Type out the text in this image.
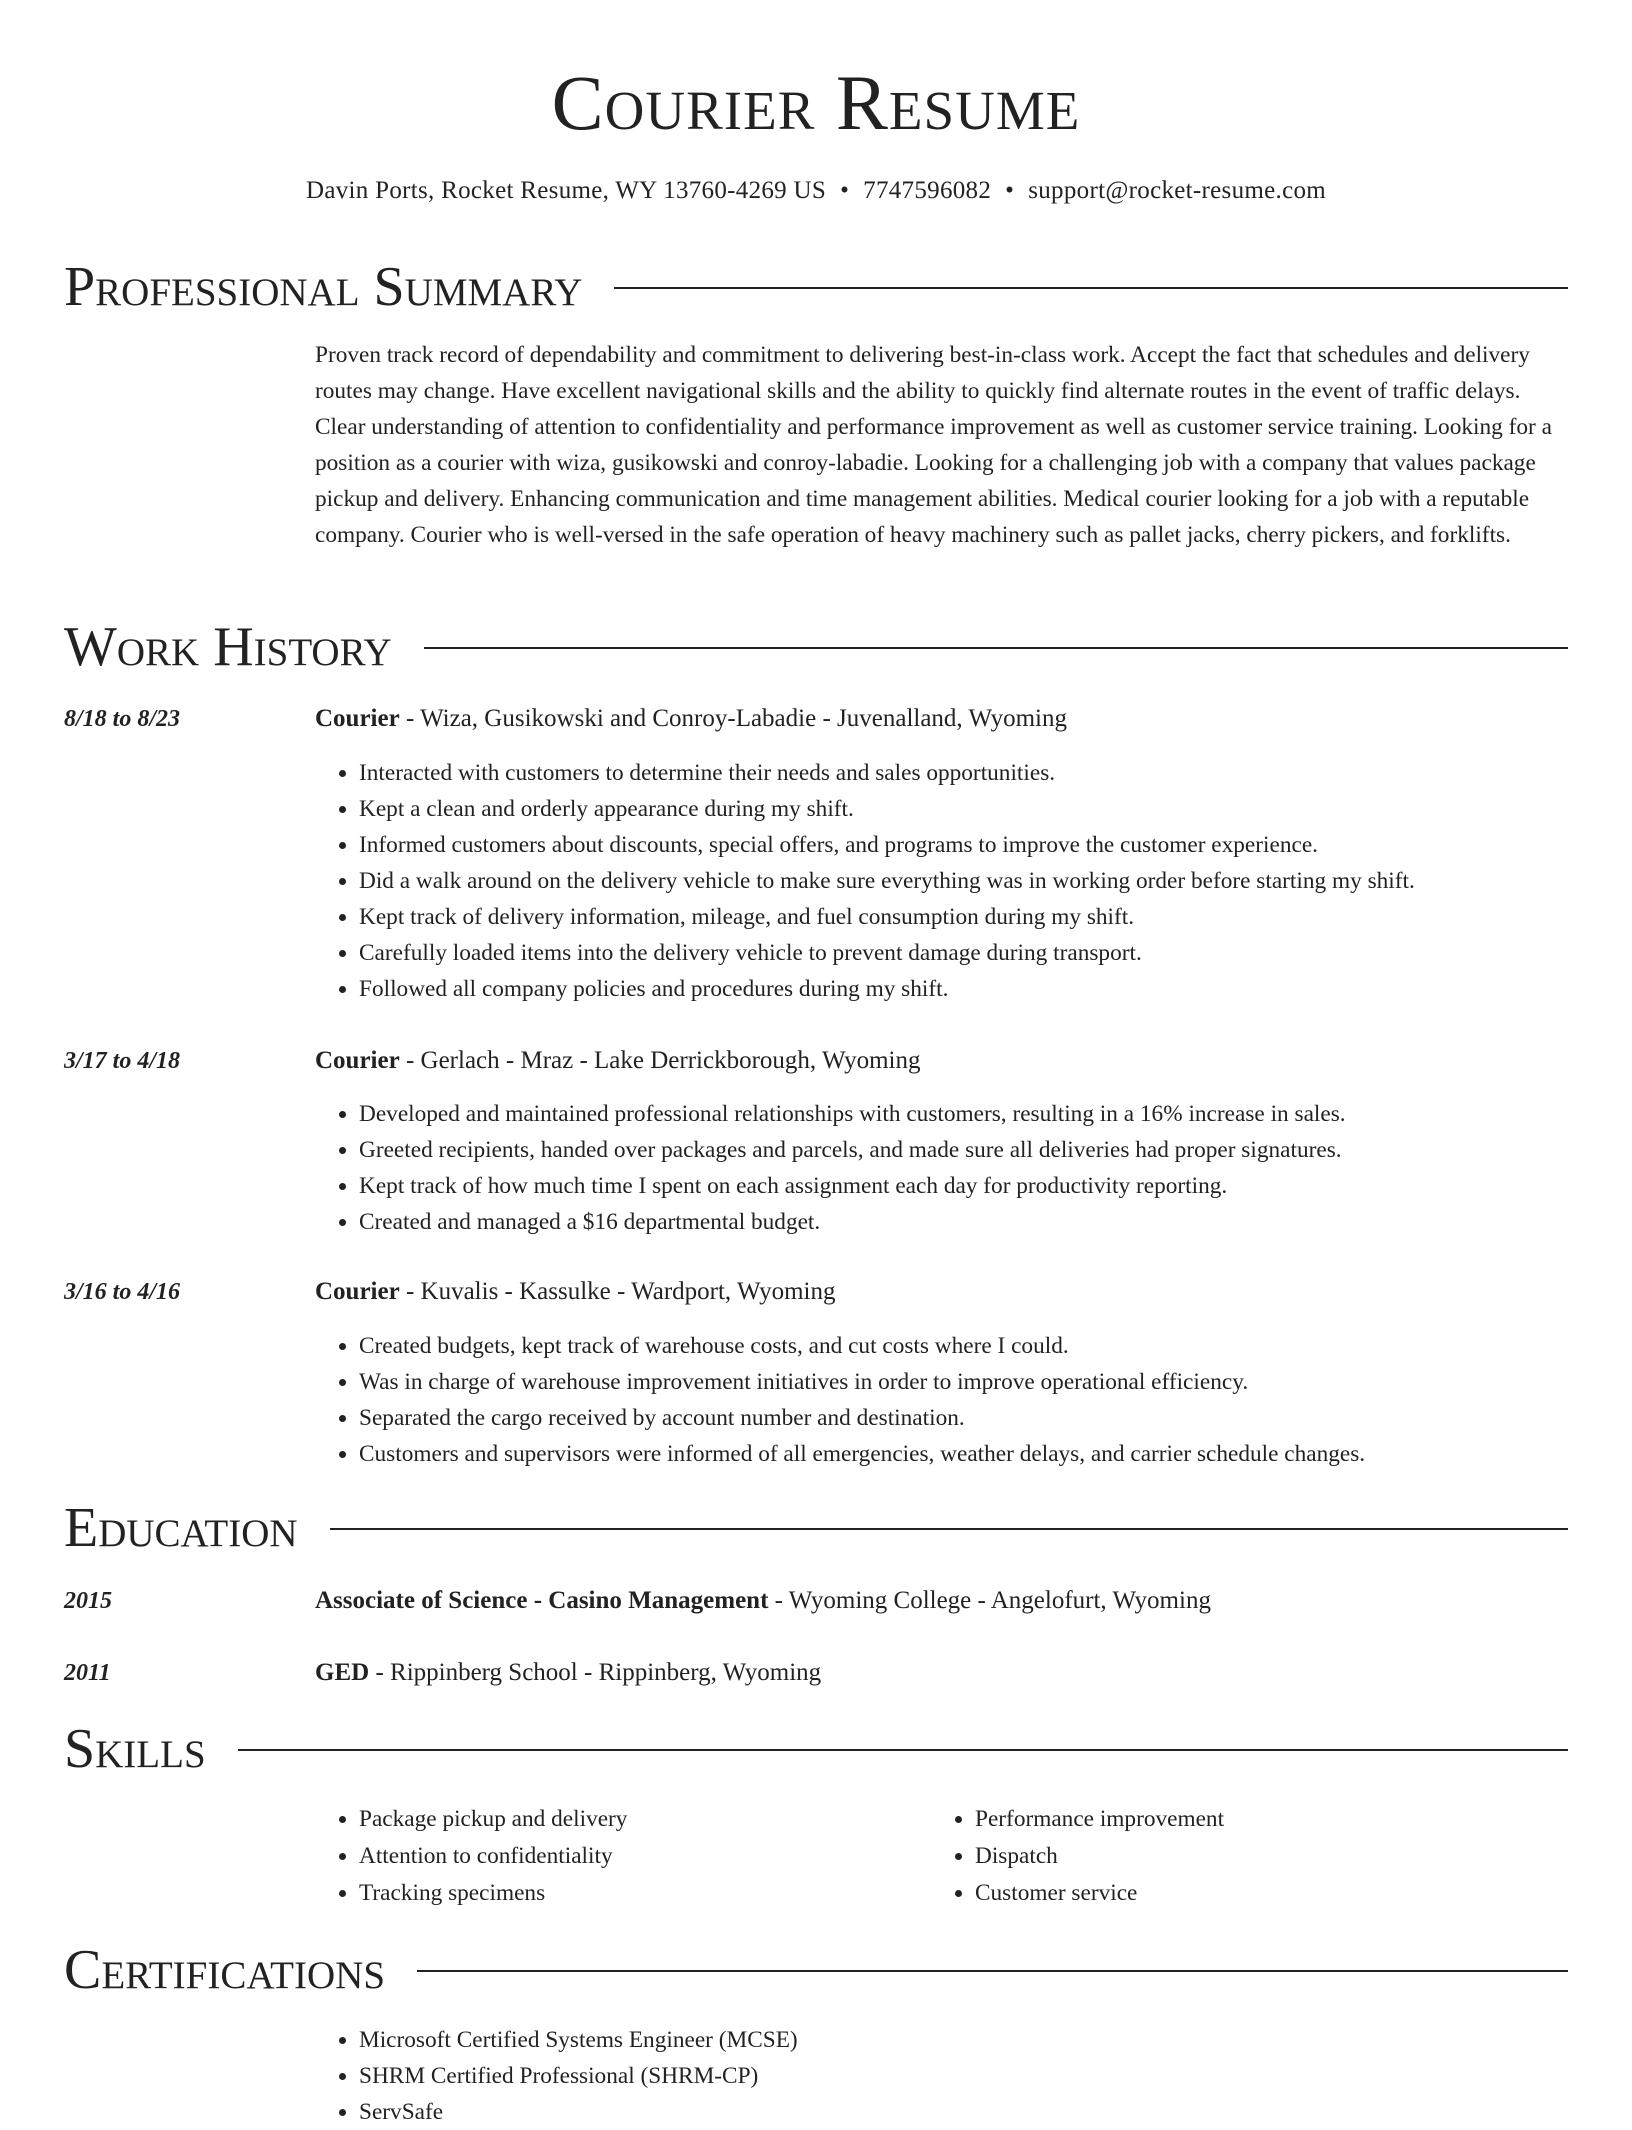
Courier Resume
Davin Ports, Rocket Resume, WY 13760-4269 US • 7747596082 • support@rocket-resume.com
Professional Summary

Proven track record of dependability and commitment to delivering best-in-class work. Accept the fact that schedules and delivery routes may change. Have excellent navigational skills and the ability to quickly find alternate routes in the event of traffic delays. Clear understanding of attention to confidentiality and performance improvement as well as customer service training. Looking for a position as a courier with wiza, gusikowski and conroy-labadie. Looking for a challenging job with a company that values package pickup and delivery. Enhancing communication and time management abilities. Medical courier looking for a job with a reputable company. Courier who is well-versed in the safe operation of heavy machinery such as pallet jacks, cherry pickers, and forklifts.

Work History
8/18 to 8/23	Courier - Wiza, Gusikowski and Conroy-Labadie - Juvenalland, Wyoming
• Interacted with customers to determine their needs and sales opportunities.
• Kept a clean and orderly appearance during my shift.
• Informed customers about discounts, special offers, and programs to improve the customer experience.
• Did a walk around on the delivery vehicle to make sure everything was in working order before starting my shift.
• Kept track of delivery information, mileage, and fuel consumption during my shift.
• Carefully loaded items into the delivery vehicle to prevent damage during transport.
• Followed all company policies and procedures during my shift.
3/17 to 4/18	Courier - Gerlach - Mraz - Lake Derrickborough, Wyoming
• Developed and maintained professional relationships with customers, resulting in a 16% increase in sales.
• Greeted recipients, handed over packages and parcels, and made sure all deliveries had proper signatures.
• Kept track of how much time I spent on each assignment each day for productivity reporting.
• Created and managed a $16 departmental budget.
3/16 to 4/16	Courier - Kuvalis - Kassulke - Wardport, Wyoming
• Created budgets, kept track of warehouse costs, and cut costs where I could.
• Was in charge of warehouse improvement initiatives in order to improve operational efficiency.
• Separated the cargo received by account number and destination.
• Customers and supervisors were informed of all emergencies, weather delays, and carrier schedule changes.
Education
2015	Associate of Science - Casino Management - Wyoming College - Angelofurt, Wyoming
2011	GED - Rippinberg School - Rippinberg, Wyoming
Skills
• Package pickup and delivery
• Attention to confidentiality
• Tracking specimens
• Performance improvement
• Dispatch
• Customer service
Certifications
• Microsoft Certified Systems Engineer (MCSE)
• SHRM Certified Professional (SHRM-CP)
• ServSafe
